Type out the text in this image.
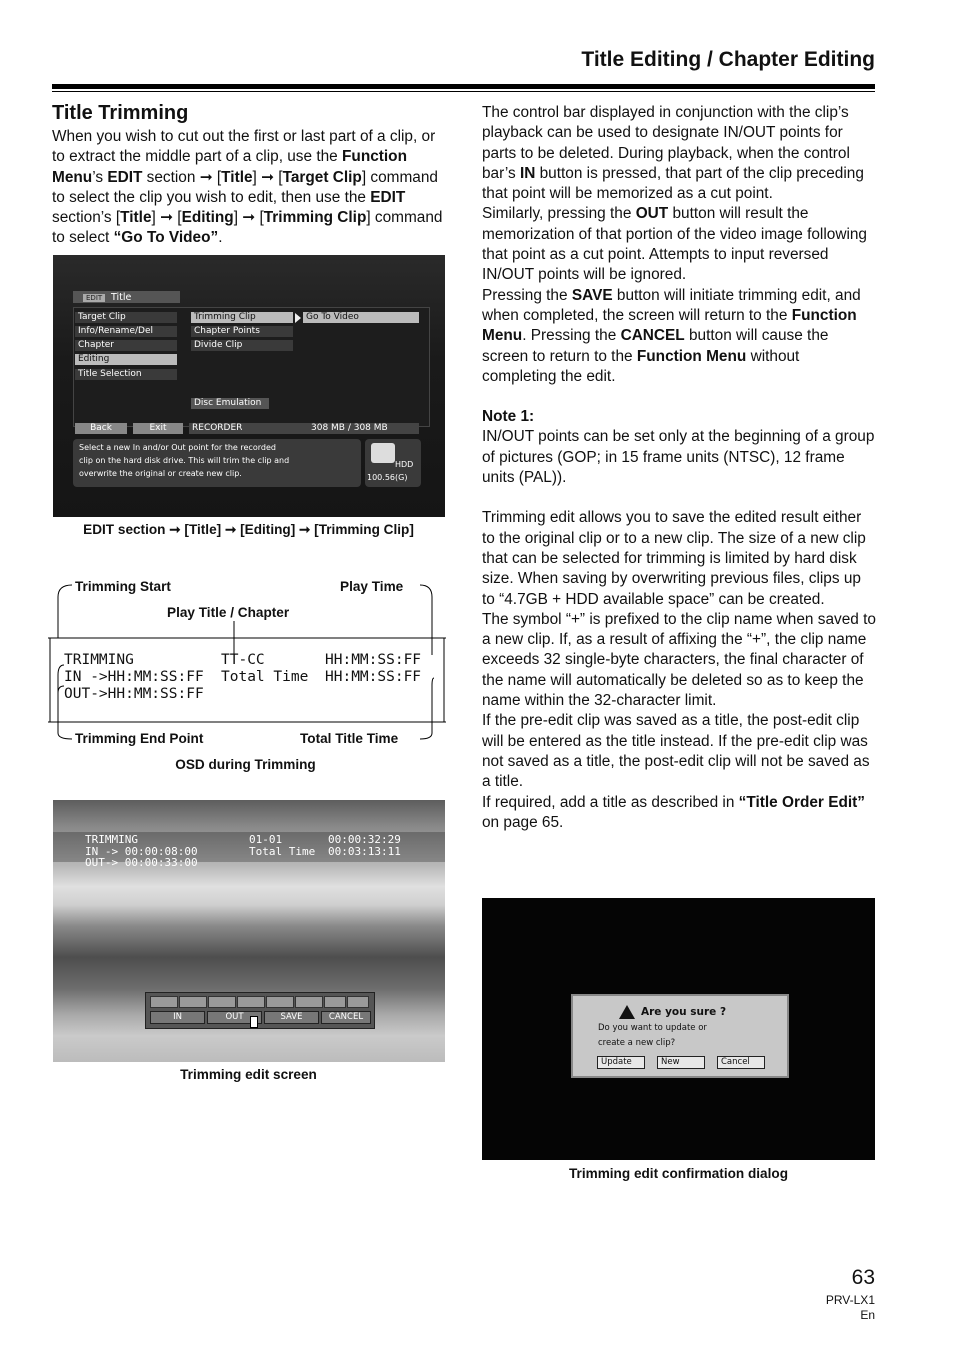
Title Editing / Chapter Editing
Title Trimming

When you wish to cut out the first or last part of a clip, or to extract the middle part of a clip, use the Function Menu’s EDIT section ➞ [Title] ➞ [Target Clip] command to select the clip you wish to edit, then use the EDIT section’s [Title] ➞ [Editing] ➞ [Trimming Clip] command to select “Go To Video”.

EDIT Title
Target Clip
Info/Rename/Del
Chapter
Editing
Title Selection
Trimming Clip
Chapter Points
Divide Clip
Go To Video
Disc Emulation
Back	Exit	RECORDER	308 MB / 308 MB
Select a new In and/or Out point for the recorded
clip on the hard disk drive. This will trim the clip and
overwrite the original or create new clip.
HDD
100.56(G)
EDIT section ➞ [Title] ➞ [Editing] ➞ [Trimming Clip]
Trimming Start	Play Time
Play Title / Chapter
TRIMMING	TT-CC	HH:MM:SS:FF
IN ->HH:MM:SS:FF Total Time HH:MM:SS:FF
OUT->HH:MM:SS:FF
Trimming End Point	Total Title Time
OSD during Trimming
TRIMMING	01-01	00:00:32:29
IN -> 00:00:08:00	Total Time 00:03:13:11
OUT-> 00:00:33:00
IN	OUT	SAVE	CANCEL
Trimming edit screen

The control bar displayed in conjunction with the clip’s playback can be used to designate IN/OUT points for parts to be deleted. During playback, when the control bar’s IN button is pressed, that part of the clip preceding that point will be memorized as a cut point.

Similarly, pressing the OUT button will result the memorization of that portion of the video image following that point as a cut point. Attempts to input reversed IN/OUT points will be ignored.

Pressing the SAVE button will initiate trimming edit, and when completed, the screen will return to the Function Menu. Pressing the CANCEL button will cause the screen to return to the Function Menu without completing the edit.

Note 1:

IN/OUT points can be set only at the beginning of a group of pictures (GOP; in 15 frame units (NTSC), 12 frame units (PAL)).

Trimming edit allows you to save the edited result either to the original clip or to a new clip. The size of a new clip that can be selected for trimming is limited by hard disk size. When saving by overwriting previous files, clips up to “4.7GB + HDD available space” can be created.

The symbol “+” is prefixed to the clip name when saved to a new clip. If, as a result of affixing the “+”, the clip name exceeds 32 single-byte characters, the final character of the name will automatically be deleted so as to keep the name within the 32-character limit.

If the pre-edit clip was saved as a title, the post-edit clip will be entered as the title instead. If the pre-edit clip was not saved as a title, the post-edit clip will not be saved as a title.

If required, add a title as described in “Title Order Edit” on page 65.

Are you sure ?
Do you want to update or
create a new clip?
Update	New	Cancel
Trimming edit confirmation dialog
63
PRV-LX1
En
